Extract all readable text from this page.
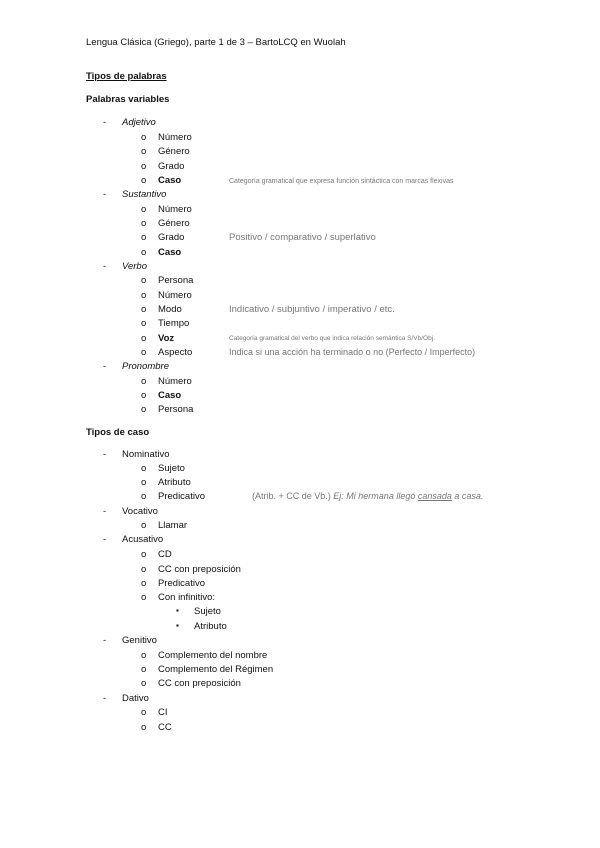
Lengua Clásica (Griego), parte 1 de 3 – BartoLCQ en Wuolah
Tipos de palabras
Palabras variables
- Adjetivo
o Número
o Género
o Grado
o Caso	Categoría gramatical que expresa función sintáctica con marcas flexivas
- Sustantivo
o Número
o Género
o Grado	Positivo / comparativo / superlativo
o Caso
- Verbo
o Persona
o Número
o Modo	Indicativo / subjuntivo / imperativo / etc.
o Tiempo
o Voz	Categoría gramatical del verbo que indica relación semántica S/Vb/Obj.
o Aspecto	Indica si una acción ha terminado o no (Perfecto / Imperfecto)
- Pronombre
o Número
o Caso
o Persona
Tipos de caso
- Nominativo
o Sujeto
o Atributo
o Predicativo	(Atrib. + CC de Vb.) Ej: Mi hermana llegó cansada a casa.
- Vocativo
o Llamar
- Acusativo
o CD
o CC con preposición
o Predicativo
o Con infinitivo:
▪ Sujeto
▪ Atributo
- Genitivo
o Complemento del nombre
o Complemento del Régimen
o CC con preposición
- Dativo
o CI
o CC
